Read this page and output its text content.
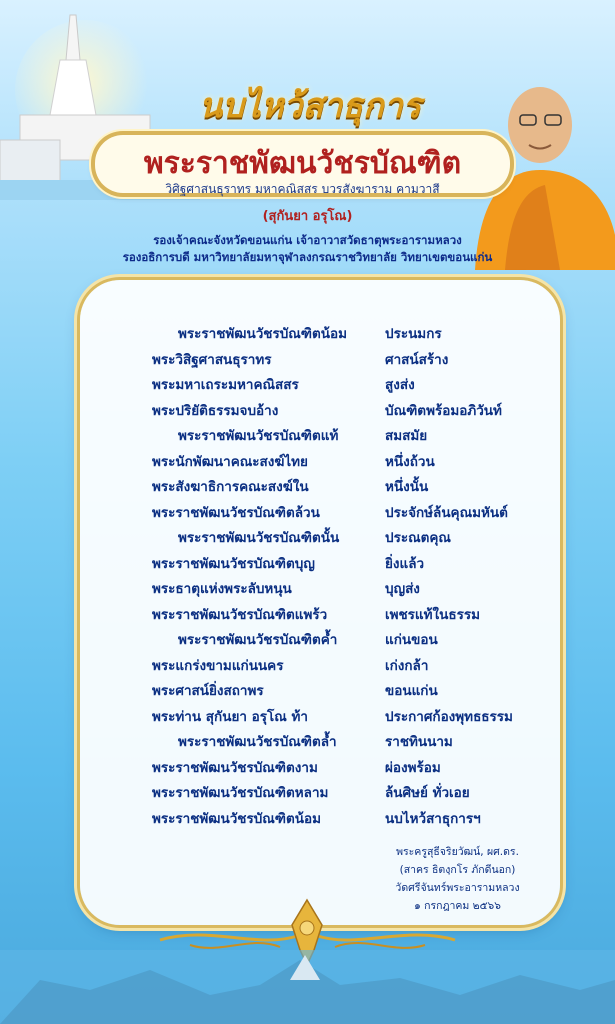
นบไหว้สาธุการ
พระราชพัฒนวัชรบัณฑิต
วิศิฐศาสนธุราทร มหาคณิสสร บวรสังฆาราม คามวาสี
(สุกันยา อรุโณ)
รองเจ้าคณะจังหวัดขอนแก่น เจ้าอาวาสวัดธาตุพระอารามหลวง
รองอธิการบดี มหาวิทยาลัยมหาจุฬาลงกรณราชวิทยาลัย วิทยาเขตขอนแก่น
พระราชพัฒนวัชรบัณฑิตน้อม	ประนมกร
พระวิสิฐศาสนธุราทร	ศาสน์สร้าง
พระมหาเถระมหาคณิสสร	สูงส่ง
พระปริยัติธรรมจบอ้าง	บัณฑิตพร้อมอภิวันท์
พระราชพัฒนวัชรบัณฑิตแท้	สมสมัย
พระนักพัฒนาคณะสงฆ์ไทย	หนึ่งถ้วน
พระสังฆาธิการคณะสงฆ์ใน	หนึ่งนั้น
พระราชพัฒนวัชรบัณฑิตล้วน	ประจักษ์ล้นคุณมหันต์
พระราชพัฒนวัชรบัณฑิตนั้น	ประณตคุณ
พระราชพัฒนวัชรบัณฑิตบุญ	ยิ่งแล้ว
พระธาตุแห่งพระลับหนุน	บุญส่ง
พระราชพัฒนวัชรบัณฑิตแพร้ว	เพชรแท้ในธรรม
พระราชพัฒนวัชรบัณฑิตค้ำ	แก่นขอน
พระแกร่งขามแก่นนคร	เก่งกล้า
พระศาสน์ยิ่งสถาพร	ขอนแก่น
พระท่าน สุกันยา อรุโณ ท้า	ประกาศก้องพุทธธรรม
พระราชพัฒนวัชรบัณฑิตล้ำ	ราชทินนาม
พระราชพัฒนวัชรบัณฑิตงาม	ผ่องพร้อม
พระราชพัฒนวัชรบัณฑิตหลาม	ล้นศิษย์ ทั่วเอย
พระราชพัฒนวัชรบัณฑิตน้อม	นบไหว้สาธุการฯ
พระครูสุธีจริยวัฒน์, ผศ.ดร.
(สาคร ธิตงฺกโร ภักดีนอก)
วัดศรีจันทร์พระอารามหลวง
๑ กรกฎาคม ๒๕๖๖
